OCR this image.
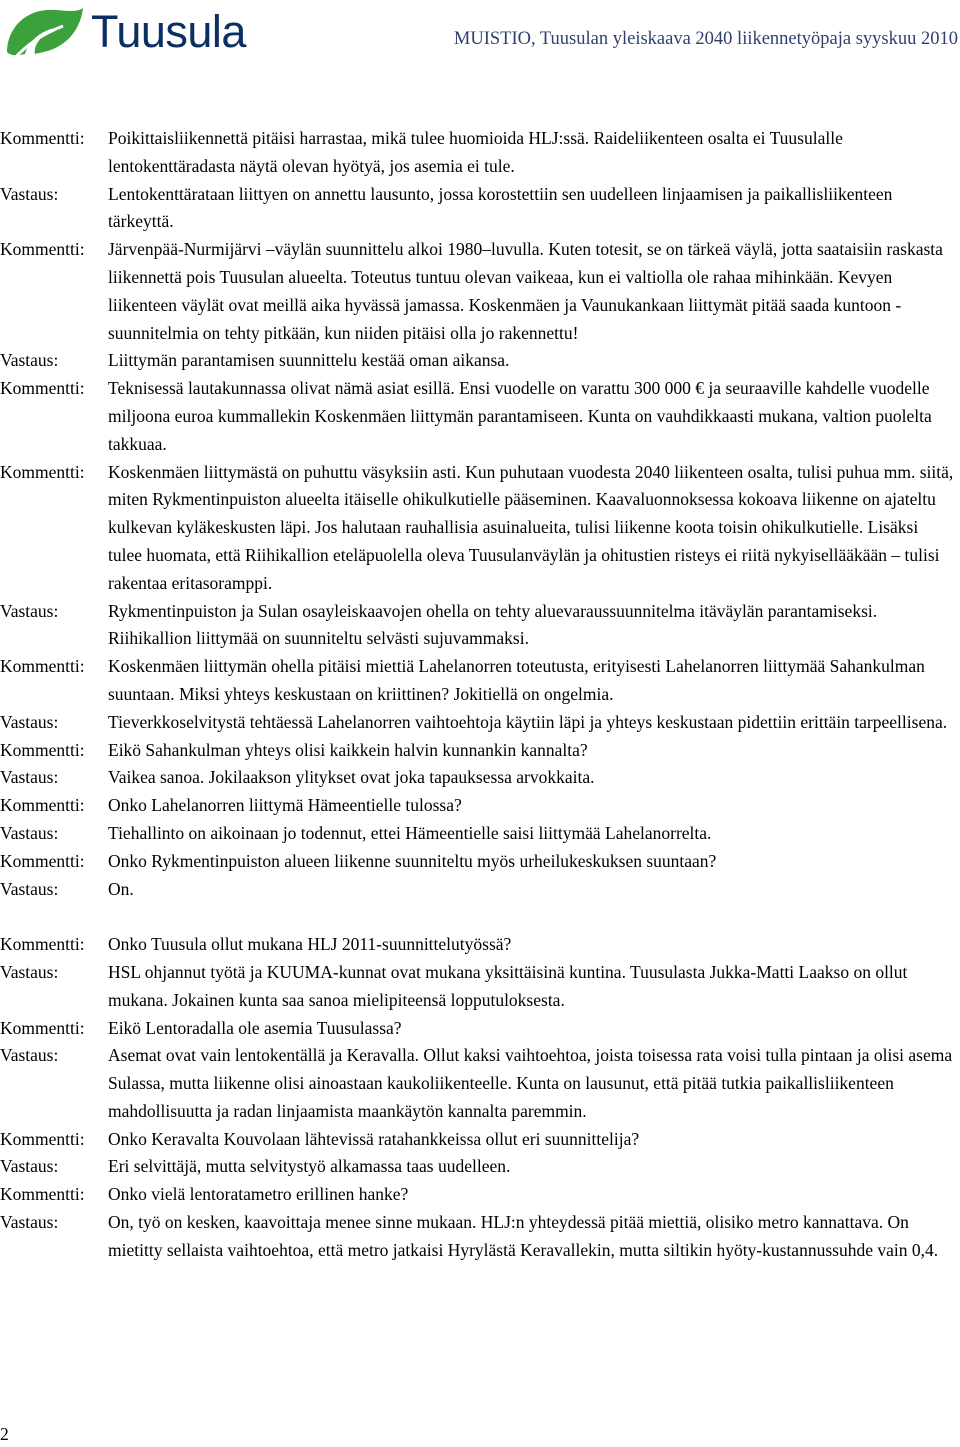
Tuusula	MUISTIO, Tuusulan yleiskaava 2040 liikennetyöpaja syyskuu 2010
Kommentti:	Poikittaisliikennettä pitäisi harrastaa, mikä tulee huomioida HLJ:ssä. Raideliikenteen osalta ei Tuusulalle lentokenttäradasta näytä olevan hyötyä, jos asemia ei tule.
Vastaus:	Lentokenttärataan liittyen on annettu lausunto, jossa korostettiin sen uudelleen linjaamisen ja paikallisliikenteen tärkeyttä.
Kommentti:	Järvenpää-Nurmijärvi –väylän suunnittelu alkoi 1980–luvulla. Kuten totesit, se on tärkeä väylä, jotta saataisiin raskasta liikennettä pois Tuusulan alueelta. Toteutus tuntuu olevan vaikeaa, kun ei valtiolla ole rahaa mihinkään. Kevyen liikenteen väylät ovat meillä aika hyvässä jamassa. Koskenmäen ja Vaunukankaan liittymät pitää saada kuntoon - suunnitelmia on tehty pitkään, kun niiden pitäisi olla jo rakennettu!
Vastaus:	Liittymän parantamisen suunnittelu kestää oman aikansa.
Kommentti:	Teknisessä lautakunnassa olivat nämä asiat esillä. Ensi vuodelle on varattu 300 000 € ja seuraaville kahdelle vuodelle miljoona euroa kummallekin Koskenmäen liittymän parantamiseen. Kunta on vauhdikkaasti mukana, valtion puolelta takkuaa.
Kommentti:	Koskenmäen liittymästä on puhuttu väsyksiin asti. Kun puhutaan vuodesta 2040 liikenteen osalta, tulisi puhua mm. siitä, miten Rykmentinpuiston alueelta itäiselle ohikulkutielle pääseminen. Kaavaluonnoksessa kokoava liikenne on ajateltu kulkevan kyläkeskusten läpi. Jos halutaan rauhallisia asuinalueita, tulisi liikenne koota toisin ohikulkutielle. Lisäksi tulee huomata, että Riihikallion eteläpuolella oleva Tuusulanväylän ja ohitustien risteys ei riitä nykyisellääkään – tulisi rakentaa eritasoramppi.
Vastaus:	Rykmentinpuiston ja Sulan osayleiskaavojen ohella on tehty aluevaraussuunnitelma itäväylän parantamiseksi. Riihikallion liittymää on suunniteltu selvästi sujuvammaksi.
Kommentti:	Koskenmäen liittymän ohella pitäisi miettiä Lahelanorren toteutusta, erityisesti Lahelanorren liittymää Sahankulman suuntaan. Miksi yhteys keskustaan on kriittinen? Jokitiellä on ongelmia.
Vastaus:	Tieverkkoselvitystä tehtäessä Lahelanorren vaihtoehtoja käytiin läpi ja yhteys keskustaan pidettiin erittäin tarpeellisena.
Kommentti:	Eikö Sahankulman yhteys olisi kaikkein halvin kunnankin kannalta?
Vastaus:	Vaikea sanoa. Jokilaakson ylitykset ovat joka tapauksessa arvokkaita.
Kommentti:	Onko Lahelanorren liittymä Hämeentielle tulossa?
Vastaus:	Tiehallinto on aikoinaan jo todennut, ettei Hämeentielle saisi liittymää Lahelanorrelta.
Kommentti:	Onko Rykmentinpuiston alueen liikenne suunniteltu myös urheilukeskuksen suuntaan?
Vastaus:	On.
Kommentti:	Onko Tuusula ollut mukana HLJ 2011-suunnittelutyössä?
Vastaus:	HSL ohjannut työtä ja KUUMA-kunnat ovat mukana yksittäisinä kuntina. Tuusulasta Jukka-Matti Laakso on ollut mukana. Jokainen kunta saa sanoa mielipiteensä lopputuloksesta.
Kommentti:	Eikö Lentoradalla ole asemia Tuusulassa?
Vastaus:	Asemat ovat vain lentokentällä ja Keravalla. Ollut kaksi vaihtoehtoa, joista toisessa rata voisi tulla pintaan ja olisi asema Sulassa, mutta liikenne olisi ainoastaan kaukoliikenteelle. Kunta on lausunut, että pitää tutkia paikallisliikenteen mahdollisuutta ja radan linjaamista maankäytön kannalta paremmin.
Kommentti:	Onko Keravalta Kouvolaan lähtevissä ratahankkeissa ollut eri suunnittelija?
Vastaus:	Eri selvittäjä, mutta selvitystyö alkamassa taas uudelleen.
Kommentti:	Onko vielä lentoratametro erillinen hanke?
Vastaus:	On, työ on kesken, kaavoittaja menee sinne mukaan. HLJ:n yhteydessä pitää miettiä, olisiko metro kannattava. On mietitty sellaista vaihtoehtoa, että metro jatkaisi Hyrylästä Keravallekin, mutta siltikin hyöty-kustannussuhde vain 0,4.
2
